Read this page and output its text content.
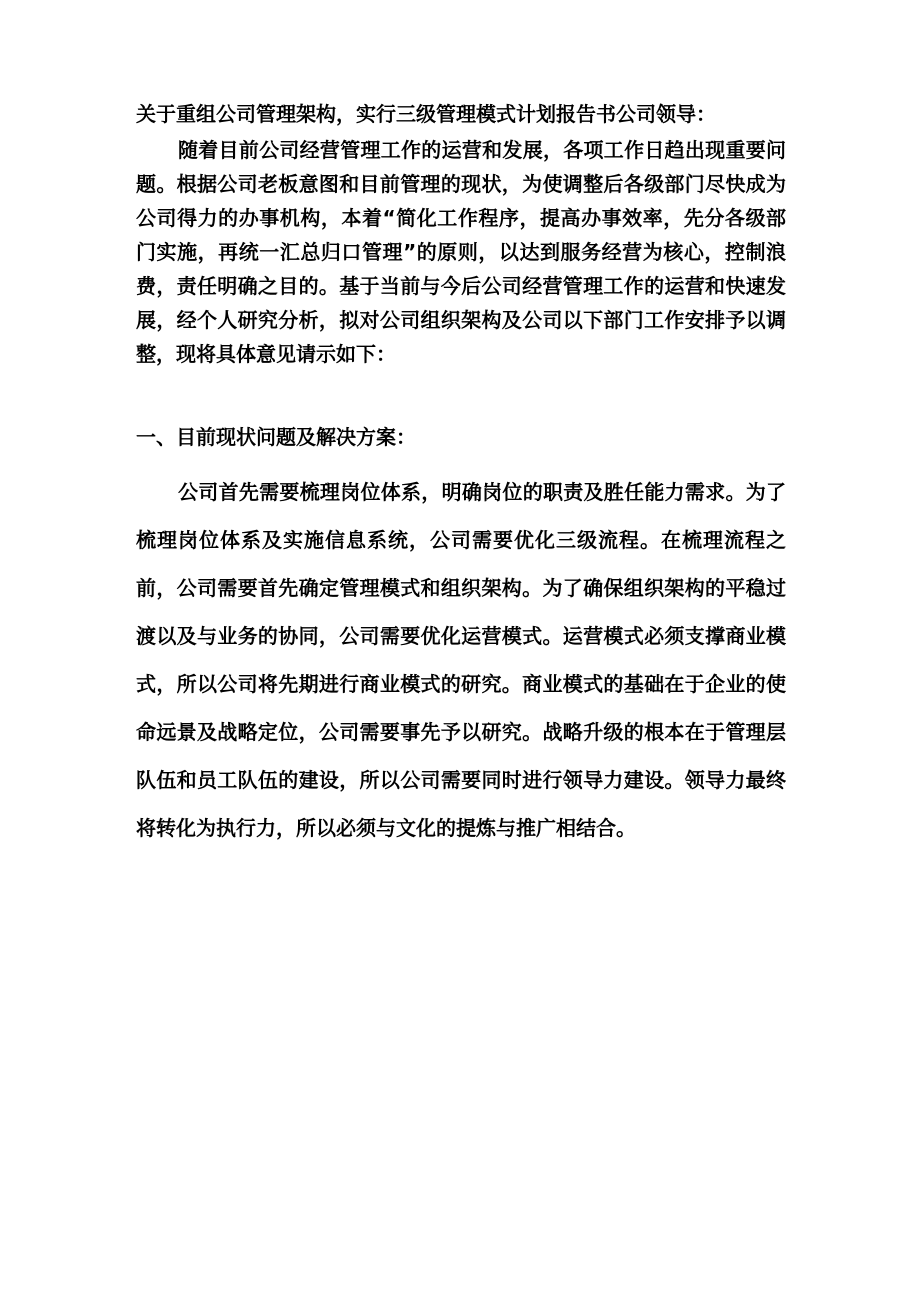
关于重组公司管理架构，实行三级管理模式计划报告书公司领导：

随着目前公司经营管理工作的运营和发展，各项工作日趋出现重要问题。根据公司老板意图和目前管理的现状，为使调整后各级部门尽快成为公司得力的办事机构，本着“简化工作程序，提高办事效率，先分各级部门实施，再统一汇总归口管理”的原则，以达到服务经营为核心，控制浪费，责任明确之目的。基于当前与今后公司经营管理工作的运营和快速发展，经个人研究分析，拟对公司组织架构及公司以下部门工作安排予以调整，现将具体意见请示如下：

一、目前现状问题及解决方案：

公司首先需要梳理岗位体系，明确岗位的职责及胜任能力需求。为了梳理岗位体系及实施信息系统，公司需要优化三级流程。在梳理流程之前，公司需要首先确定管理模式和组织架构。为了确保组织架构的平稳过渡以及与业务的协同，公司需要优化运营模式。运营模式必须支撑商业模式，所以公司将先期进行商业模式的研究。商业模式的基础在于企业的使命远景及战略定位，公司需要事先予以研究。战略升级的根本在于管理层队伍和员工队伍的建设，所以公司需要同时进行领导力建设。领导力最终将转化为执行力，所以必须与文化的提炼与推广相结合。
